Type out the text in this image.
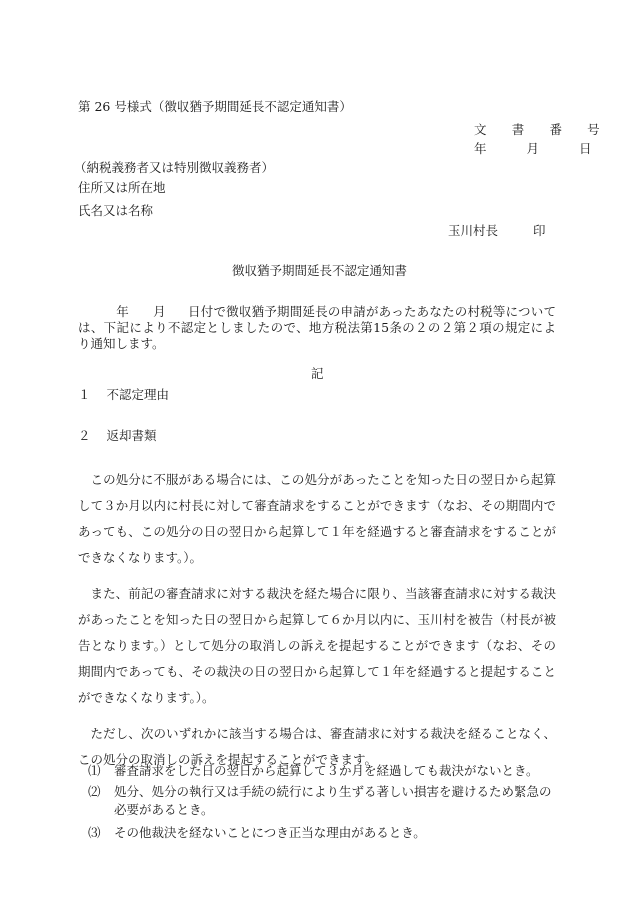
第 26 号様式（徴収猶予期間延長不認定通知書）
文 書 番 号
年	月	日
（納税義務者又は特別徴収義務者）
住所又は所在地
氏名又は名称
玉川村長	印
徴収猶予期間延長不認定通知書

年 月 日付で徴収猶予期間延長の申請があったあなたの村税等については、下記により不認定としましたので、地方税法第15条の２の２第２項の規定により通知します。

記
１ 不認定理由
２ 返却書類

この処分に不服がある場合には、この処分があったことを知った日の翌日から起算して３か月以内に村長に対して審査請求をすることができます（なお、その期間内であっても、この処分の日の翌日から起算して１年を経過すると審査請求をすることができなくなります。）。

また、前記の審査請求に対する裁決を経た場合に限り、当該審査請求に対する裁決があったことを知った日の翌日から起算して６か月以内に、玉川村を被告（村長が被告となります。）として処分の取消しの訴えを提起することができます（なお、その期間内であっても、その裁決の日の翌日から起算して１年を経過すると提起することができなくなります。）。

ただし、次のいずれかに該当する場合は、審査請求に対する裁決を経ることなく、この処分の取消しの訴えを提起することができます。

⑴ 審査請求をした日の翌日から起算して３か月を経過しても裁決がないとき。
⑵ 処分、処分の執行又は手続の続行により生ずる著しい損害を避けるため緊急の必要があるとき。
⑶ その他裁決を経ないことにつき正当な理由があるとき。
